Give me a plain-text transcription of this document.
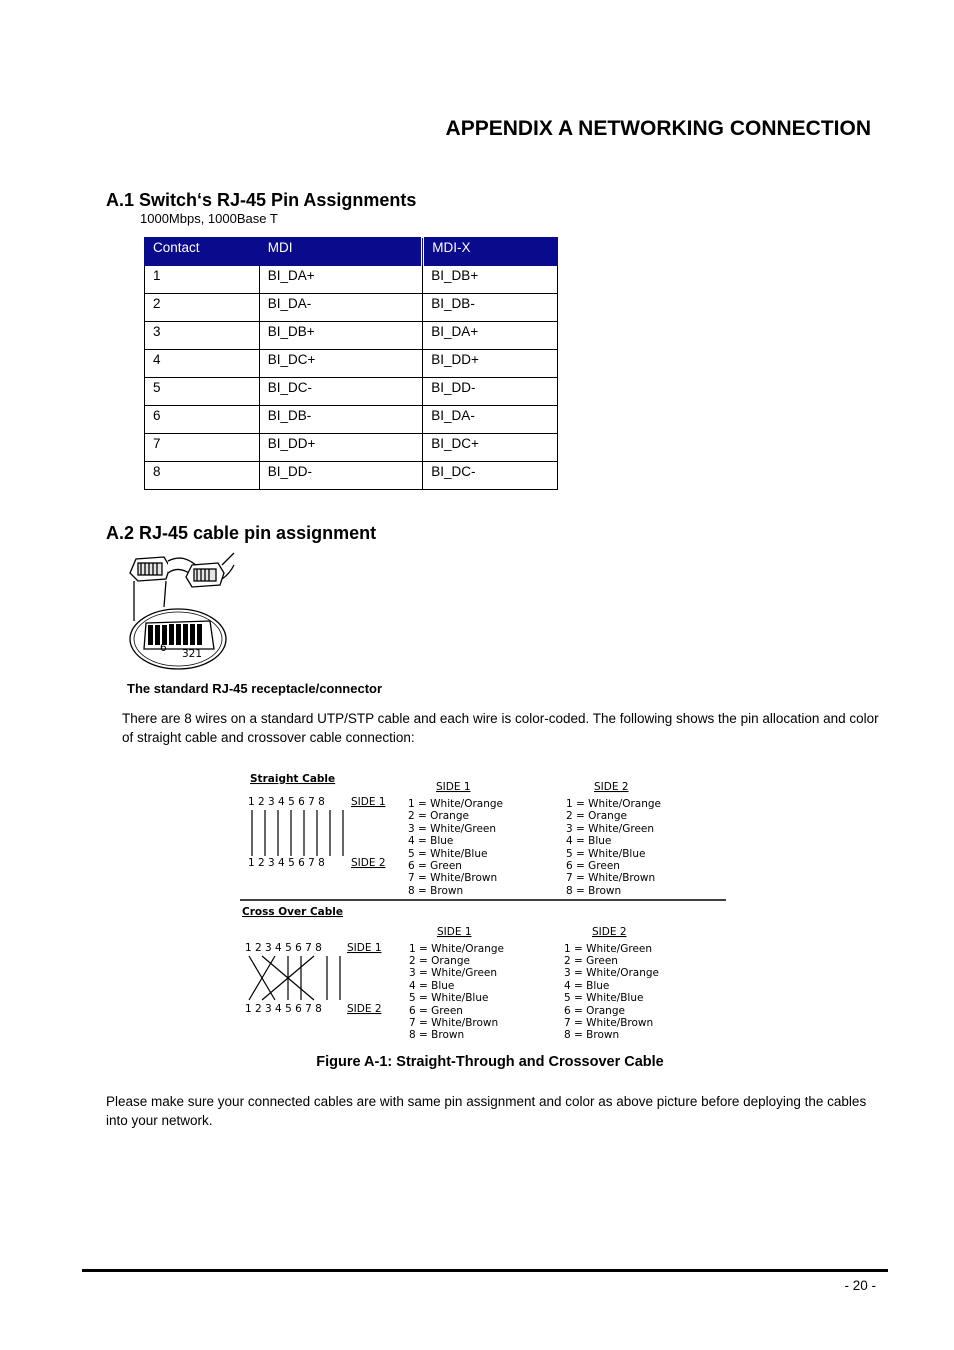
APPENDIX A NETWORKING CONNECTION
A.1 Switch‘s RJ-45 Pin Assignments
1000Mbps, 1000Base T
Contact	MDI	MDI-X
1	BI_DA+	BI_DB+
2	BI_DA-	BI_DB-
3	BI_DB+	BI_DA+
4	BI_DC+	BI_DD+
5	BI_DC-	BI_DD-
6	BI_DB-	BI_DA-
7	BI_DD+	BI_DC+
8	BI_DD-	BI_DC-
A.2 RJ-45 cable pin assignment
6 321
The standard RJ-45 receptacle/connector
There are 8 wires on a standard UTP/STP cable and each wire is color-coded. The following shows the pin allocation and color of straight cable and crossover cable connection:
Straight Cable
1 2 3 4 5 6 7 8 SIDE 1
1 2 3 4 5 6 7 8 SIDE 2
SIDE 1	SIDE 2
1 = White/Orange
2 = Orange
3 = White/Green
4 = Blue
5 = White/Blue
6 = Green
7 = White/Brown
8 = Brown
1 = White/Orange
2 = Orange
3 = White/Green
4 = Blue
5 = White/Blue
6 = Green
7 = White/Brown
8 = Brown
Cross Over Cable
1 2 3 4 5 6 7 8 SIDE 1
1 2 3 4 5 6 7 8 SIDE 2
SIDE 1	SIDE 2
1 = White/Orange
2 = Orange
3 = White/Green
4 = Blue
5 = White/Blue
6 = Green
7 = White/Brown
8 = Brown
1 = White/Green
2 = Green
3 = White/Orange
4 = Blue
5 = White/Blue
6 = Orange
7 = White/Brown
8 = Brown
Figure A-1: Straight-Through and Crossover Cable
Please make sure your connected cables are with same pin assignment and color as above picture before deploying the cables into your network.
- 20 -
